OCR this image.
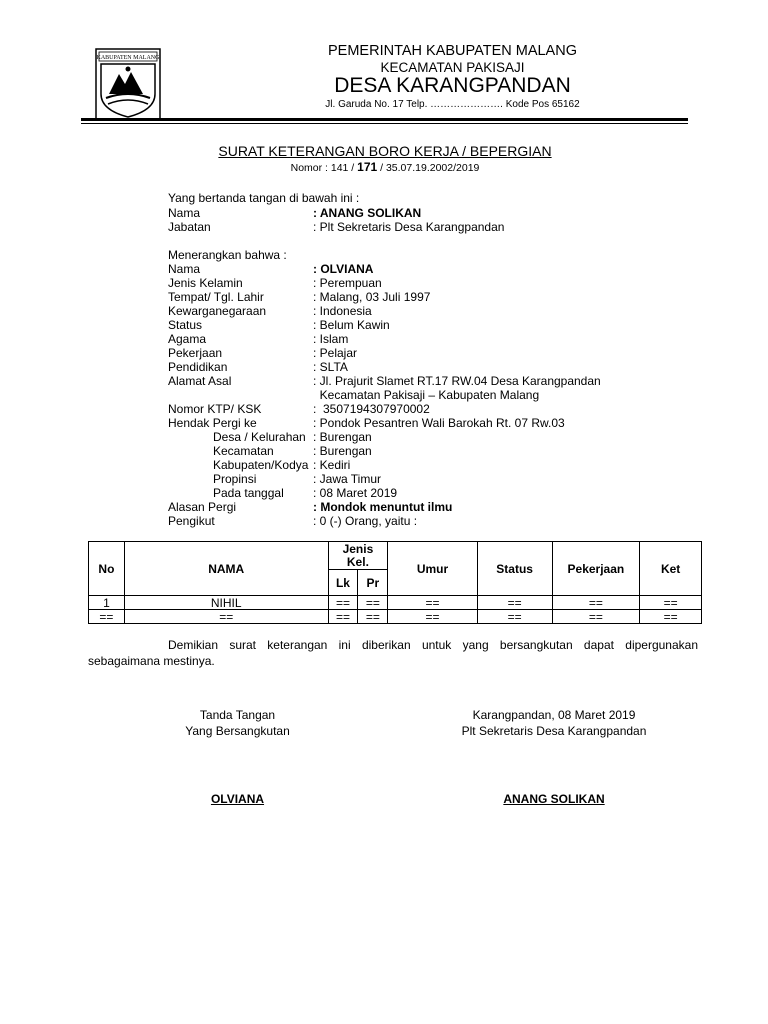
KABUPATEN MALANG	PEMERINTAH KABUPATEN MALANG
KECAMATAN PAKISAJI
DESA KARANGPANDAN
Jl. Garuda No. 17 Telp. …………………. Kode Pos 65162
SURAT KETERANGAN BORO KERJA / BEPERGIAN
Nomor : 141 / 171 / 35.07.19.2002/2019
Yang bertanda tangan di bawah ini :
Nama	: ANANG SOLIKAN
Jabatan	: Plt Sekretaris Desa Karangpandan
Menerangkan bahwa :
Nama	: OLVIANA
Jenis Kelamin	: Perempuan
Tempat/ Tgl. Lahir	: Malang, 03 Juli 1997
Kewarganegaraan	: Indonesia
Status	: Belum Kawin
Agama	: Islam
Pekerjaan	: Pelajar
Pendidikan	: SLTA
Alamat Asal	: Jl. Prajurit Slamet RT.17 RW.04 Desa Karangpandan
Kecamatan Pakisaji – Kabupaten Malang
Nomor KTP/ KSK	:  3507194307970002
Hendak Pergi ke	: Pondok Pesantren Wali Barokah Rt. 07 Rw.03
Desa / Kelurahan : Burengan
Kecamatan	: Burengan
Kabupaten/Kodya : Kediri
Propinsi	: Jawa Timur
Pada tanggal : 08 Maret 2019
Alasan Pergi	: Mondok menuntut ilmu
Pengikut	: 0 (-) Orang, yaitu :
No	NAMA	Jenis Kel.		Umur	Status	Pekerjaan	Ket
		Lk	Pr				
1	NIHIL	==	==	==	==	==	==
==	==	==	==	==	==	==	==
Demikian surat keterangan ini diberikan untuk yang bersangkutan dapat dipergunakan sebagaimana mestinya.
Tanda Tangan
Yang Bersangkutan
OLVIANA
Karangpandan, 08 Maret 2019
Plt Sekretaris Desa Karangpandan
ANANG SOLIKAN
